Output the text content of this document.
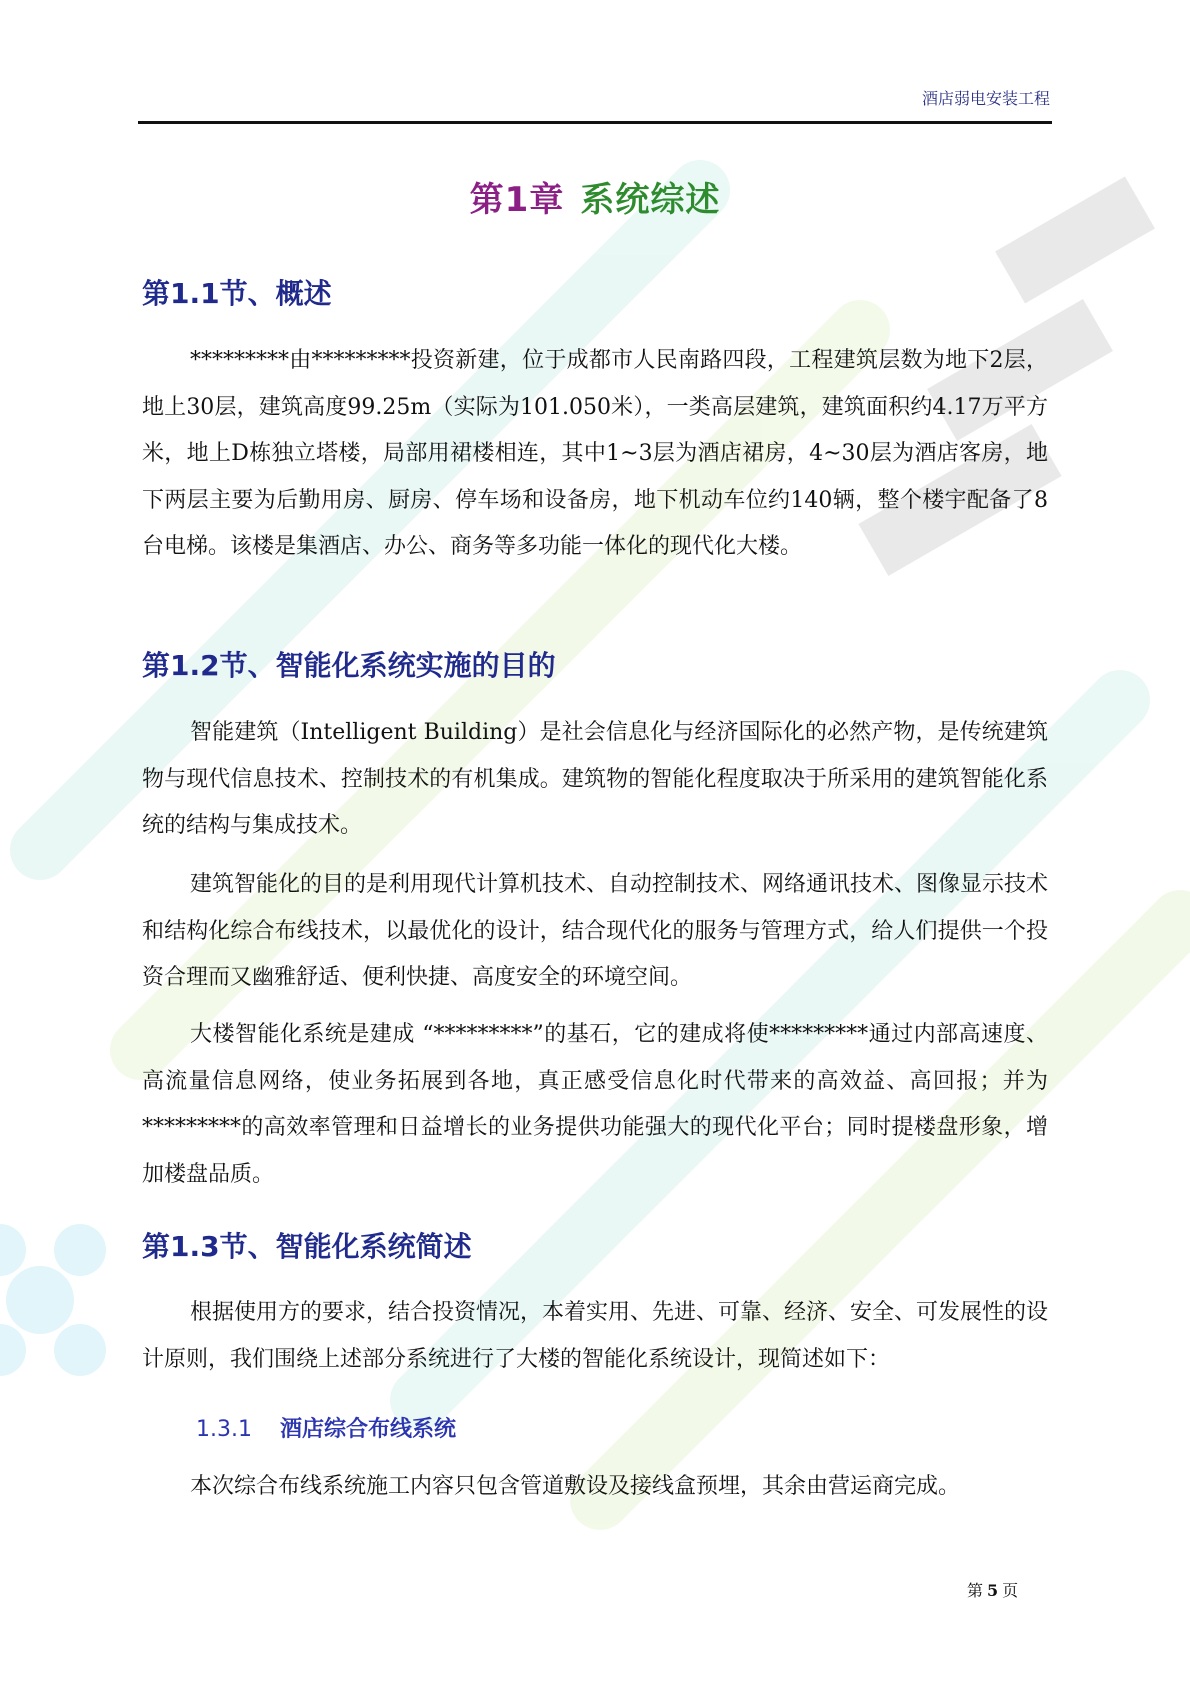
酒店弱电安装工程
第1章 系统综述
第1.1节、概述

*********由*********投资新建，位于成都市人民南路四段，工程建筑层数为地下2层，地上30层，建筑高度99.25m（实际为101.050米），一类高层建筑，建筑面积约4.17万平方米，地上D栋独立塔楼，局部用裙楼相连，其中1~3层为酒店裙房，4~30层为酒店客房，地下两层主要为后勤用房、厨房、停车场和设备房，地下机动车位约140辆，整个楼宇配备了8台电梯。该楼是集酒店、办公、商务等多功能一体化的现代化大楼。

第1.2节、智能化系统实施的目的

智能建筑（Intelligent Building）是社会信息化与经济国际化的必然产物，是传统建筑物与现代信息技术、控制技术的有机集成。建筑物的智能化程度取决于所采用的建筑智能化系统的结构与集成技术。

建筑智能化的目的是利用现代计算机技术、自动控制技术、网络通讯技术、图像显示技术和结构化综合布线技术，以最优化的设计，结合现代化的服务与管理方式，给人们提供一个投资合理而又幽雅舒适、便利快捷、高度安全的环境空间。

大楼智能化系统是建成 “*********”的基石，它的建成将使*********通过内部高速度、高流量信息网络，使业务拓展到各地，真正感受信息化时代带来的高效益、高回报；并为*********的高效率管理和日益增长的业务提供功能强大的现代化平台；同时提楼盘形象，增加楼盘品质。

第1.3节、智能化系统简述

根据使用方的要求，结合投资情况，本着实用、先进、可靠、经济、安全、可发展性的设计原则，我们围绕上述部分系统进行了大楼的智能化系统设计，现简述如下：

1.3.1 酒店综合布线系统

本次综合布线系统施工内容只包含管道敷设及接线盒预埋，其余由营运商完成。

第 5 页
